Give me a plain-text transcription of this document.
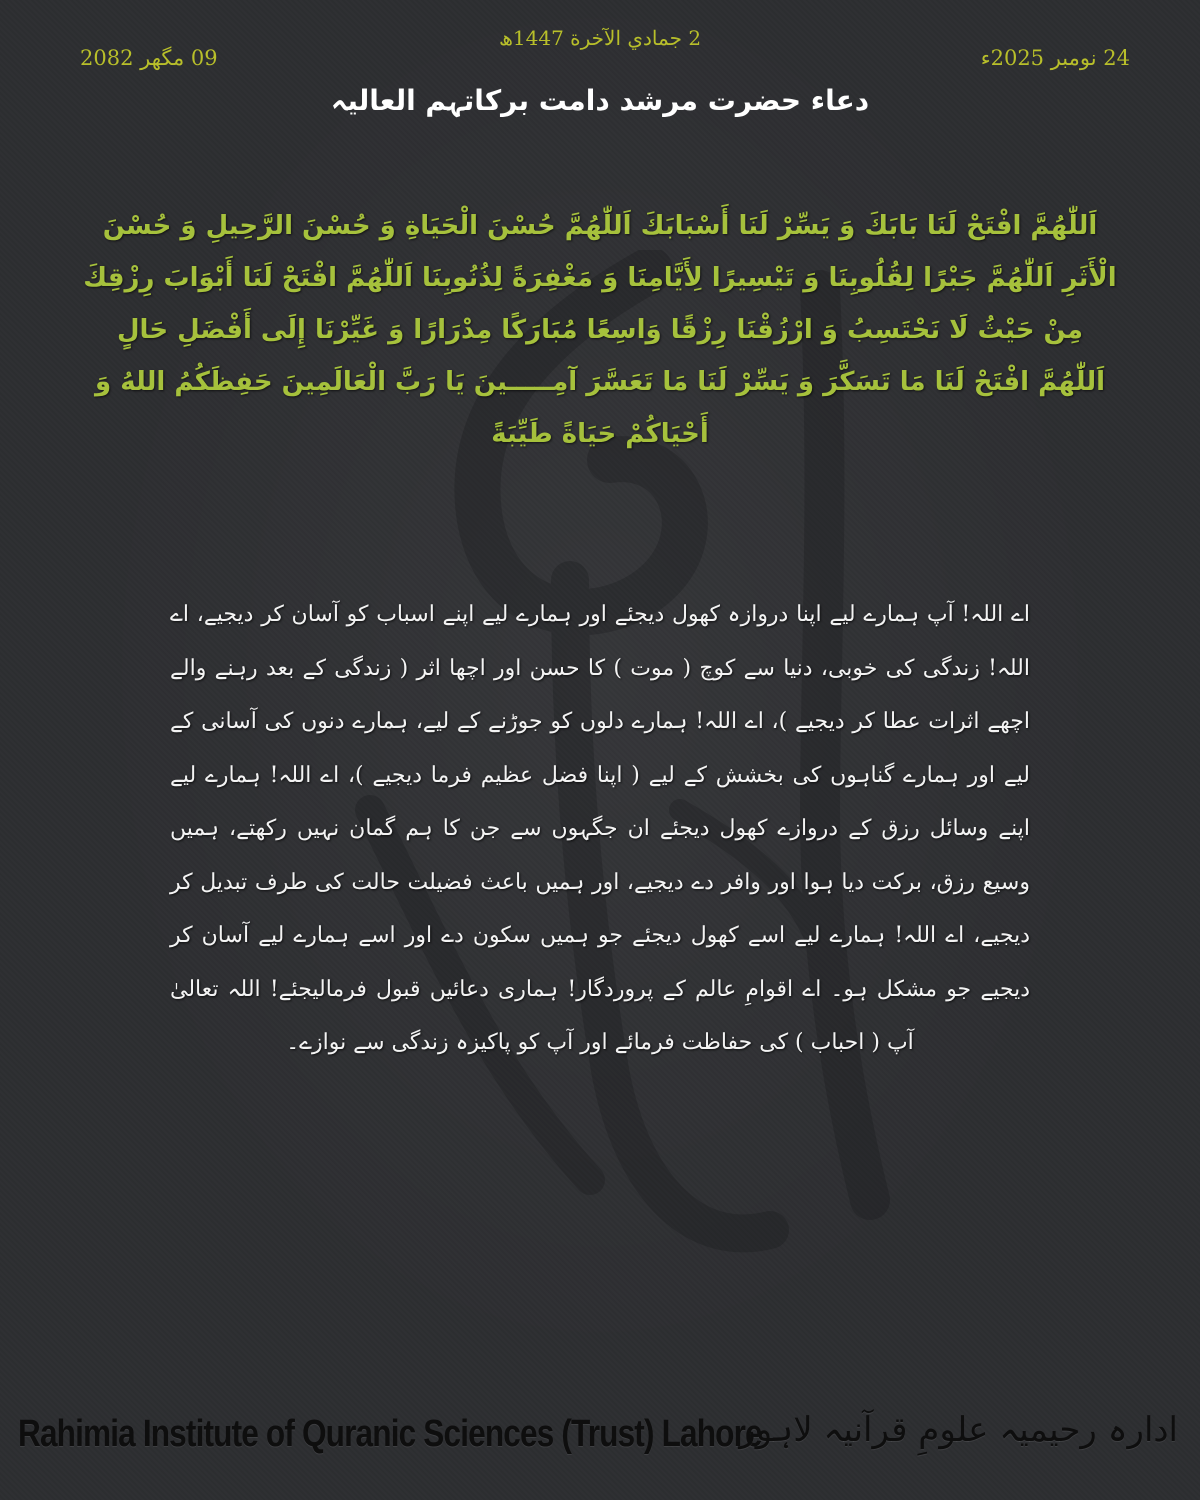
2 جمادي الآخرة 1447ھ
24 نومبر 2025ء
09 مگھر 2082
دعاء حضرت مرشد دامت برکاتہم العالیہ
اَللّٰهُمَّ افْتَحْ لَنَا بَابَكَ وَ يَسِّرْ لَنَا أَسْبَابَكَ اَللّٰهُمَّ حُسْنَ الْحَيَاةِ وَ حُسْنَ الرَّحِيلِ وَ حُسْنَ الْأَثَرِ اَللّٰهُمَّ جَبْرًا لِقُلُوبِنَا وَ تَيْسِيرًا لِأَيَّامِنَا وَ مَغْفِرَةً لِذُنُوبِنَا اَللّٰهُمَّ افْتَحْ لَنَا أَبْوَابَ رِزْقِكَ مِنْ حَيْثُ لَا نَحْتَسِبُ وَ ارْزُقْنَا رِزْقًا وَاسِعًا مُبَارَكًا مِدْرَارًا وَ غَيِّرْنَا إِلَى أَفْضَلِ حَالٍ اَللّٰهُمَّ افْتَحْ لَنَا مَا تَسَكَّرَ وَ يَسِّرْ لَنَا مَا تَعَسَّرَ آمِـــــينَ يَا رَبَّ الْعَالَمِينَ حَفِظَكُمُ اللهُ وَ أَحْيَاكُمْ حَيَاةً طَيِّبَةً
اے اللہ! آپ ہمارے لیے اپنا دروازہ کھول دیجئے اور ہمارے لیے اپنے اسباب کو آسان کر دیجیے، اے اللہ! زندگی کی خوبی، دنیا سے کوچ ( موت ) کا حسن اور اچھا اثر ( زندگی کے بعد رہنے والے اچھے اثرات عطا کر دیجیے )، اے اللہ! ہمارے دلوں کو جوڑنے کے لیے، ہمارے دنوں کی آسانی کے لیے اور ہمارے گناہوں کی بخشش کے لیے ( اپنا فضل عظیم فرما دیجیے )، اے اللہ! ہمارے لیے اپنے وسائل رزق کے دروازے کھول دیجئے ان جگہوں سے جن کا ہم گمان نہیں رکھتے، ہمیں وسیع رزق، برکت دیا ہوا اور وافر دے دیجیے، اور ہمیں باعث فضیلت حالت کی طرف تبدیل کر دیجیے، اے اللہ! ہمارے لیے اسے کھول دیجئے جو ہمیں سکون دے اور اسے ہمارے لیے آسان کر دیجیے جو مشکل ہو۔ اے اقوامِ عالم کے پروردگار! ہماری دعائیں قبول فرمالیجئے! اللہ تعالیٰ آپ ( احباب ) کی حفاظت فرمائے اور آپ کو پاکیزہ زندگی سے نوازے۔
Rahimia Institute of Quranic Sciences (Trust) Lahore
ادارہ رحیمیہ علومِ قرآنیہ لاہور
